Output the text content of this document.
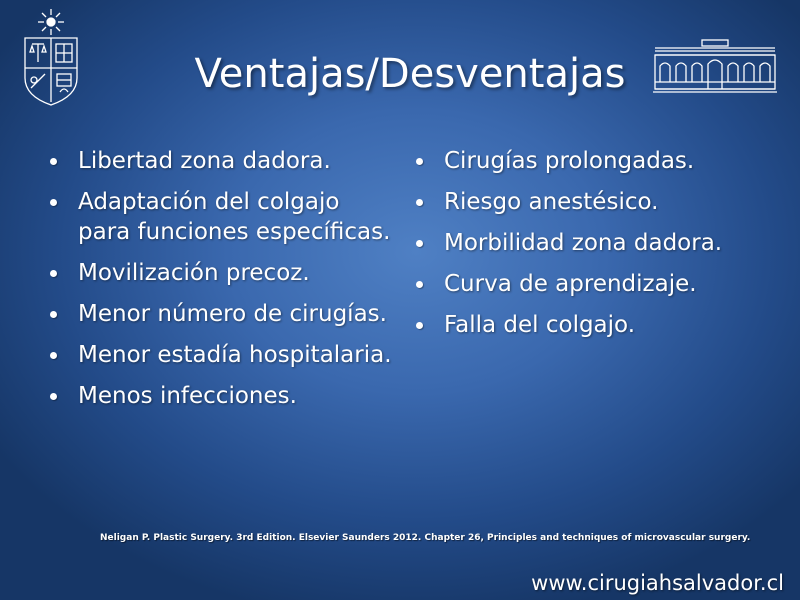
Ventajas/Desventajas
Libertad zona dadora.
Adaptación del colgajo para funciones específicas.
Movilización precoz.
Menor número de cirugías.
Menor estadía hospitalaria.
Menos infecciones.
Cirugías prolongadas.
Riesgo anestésico.
Morbilidad zona dadora.
Curva de aprendizaje.
Falla del colgajo.
Neligan P. Plastic Surgery. 3rd Edition. Elsevier Saunders 2012. Chapter 26, Principles and techniques of microvascular surgery.
www.cirugiahsalvador.cl
